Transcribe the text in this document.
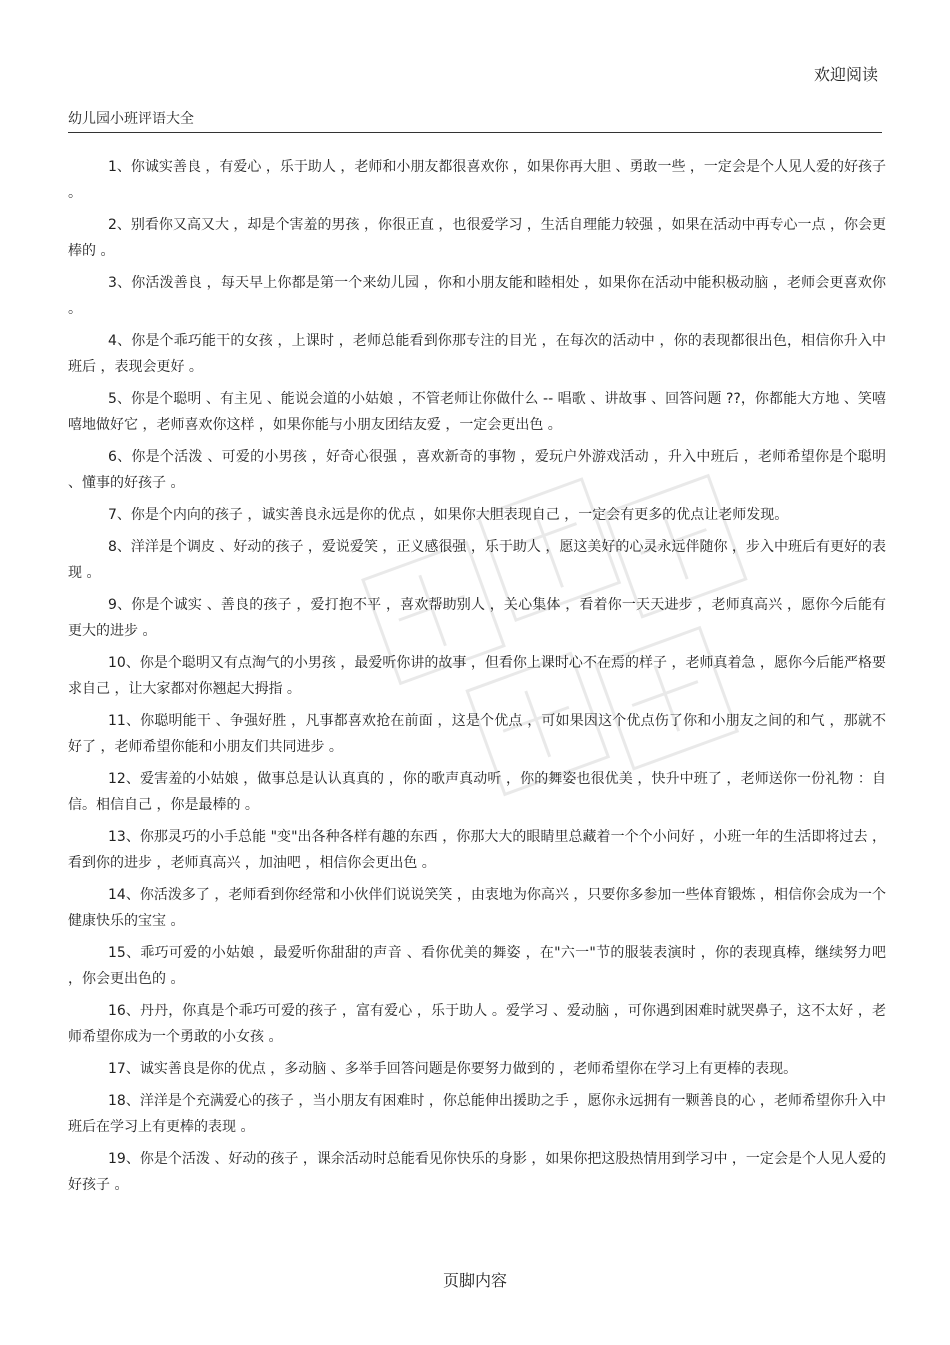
欢迎阅读
幼儿园小班评语大全

1、你诚实善良 ，有爱心 ，乐于助人 ，老师和小朋友都很喜欢你 ，如果你再大胆 、勇敢一些 ，一定会是个人见人爱的好孩子 。

2、别看你又高又大 ，却是个害羞的男孩 ，你很正直 ，也很爱学习 ，生活自理能力较强 ，如果在活动中再专心一点 ，你会更棒的 。

3、你活泼善良 ，每天早上你都是第一个来幼儿园 ，你和小朋友能和睦相处 ，如果你在活动中能积极动脑 ，老师会更喜欢你 。

4、你是个乖巧能干的女孩 ，上课时 ，老师总能看到你那专注的目光 ，在每次的活动中 ，你的表现都很出色，相信你升入中班后 ，表现会更好 。

5、你是个聪明 、有主见 、能说会道的小姑娘 ，不管老师让你做什么 -- 唱歌 、讲故事 、回答问题 ??，你都能大方地 、笑嘻嘻地做好它 ，老师喜欢你这样 ，如果你能与小朋友团结友爱 ，一定会更出色 。

6、你是个活泼 、可爱的小男孩 ，好奇心很强 ，喜欢新奇的事物 ，爱玩户外游戏活动 ，升入中班后 ，老师希望你是个聪明 、懂事的好孩子 。

7、你是个内向的孩子 ，诚实善良永远是你的优点 ，如果你大胆表现自己 ，一定会有更多的优点让老师发现。

8、洋洋是个调皮 、好动的孩子 ，爱说爱笑 ，正义感很强 ，乐于助人 ，愿这美好的心灵永远伴随你 ，步入中班后有更好的表现 。

9、你是个诚实 、善良的孩子 ，爱打抱不平 ，喜欢帮助别人 ，关心集体 ，看着你一天天进步 ，老师真高兴 ，愿你今后能有更大的进步 。

10、你是个聪明又有点淘气的小男孩 ，最爱听你讲的故事 ，但看你上课时心不在焉的样子 ，老师真着急 ，愿你今后能严格要求自己 ，让大家都对你翘起大拇指 。

11、你聪明能干 、争强好胜 ，凡事都喜欢抢在前面 ，这是个优点 ，可如果因这个优点伤了你和小朋友之间的和气 ，那就不好了 ，老师希望你能和小朋友们共同进步 。

12、爱害羞的小姑娘 ，做事总是认认真真的 ，你的歌声真动听 ，你的舞姿也很优美 ，快升中班了 ，老师送你一份礼物 ：自信。相信自己 ，你是最棒的 。

13、你那灵巧的小手总能 "变"出各种各样有趣的东西 ，你那大大的眼睛里总藏着一个个小问好 ，小班一年的生活即将过去 ，看到你的进步 ，老师真高兴 ，加油吧 ，相信你会更出色 。

14、你活泼多了 ，老师看到你经常和小伙伴们说说笑笑 ，由衷地为你高兴 ，只要你多参加一些体育锻炼 ，相信你会成为一个健康快乐的宝宝 。

15、乖巧可爱的小姑娘 ，最爱听你甜甜的声音 、看你优美的舞姿 ，在"六一"节的服装表演时 ，你的表现真棒，继续努力吧 ，你会更出色的 。

16、丹丹，你真是个乖巧可爱的孩子 ，富有爱心 ，乐于助人 。爱学习 、爱动脑 ，可你遇到困难时就哭鼻子，这不太好 ，老师希望你成为一个勇敢的小女孩 。

17、诚实善良是你的优点 ，多动脑 、多举手回答问题是你要努力做到的 ，老师希望你在学习上有更棒的表现。

18、洋洋是个充满爱心的孩子 ，当小朋友有困难时 ，你总能伸出援助之手 ，愿你永远拥有一颗善良的心 ，老师希望你升入中班后在学习上有更棒的表现 。

19、你是个活泼 、好动的孩子 ，课余活动时总能看见你快乐的身影 ，如果你把这股热情用到学习中 ，一定会是个人见人爱的好孩子 。

页脚内容
